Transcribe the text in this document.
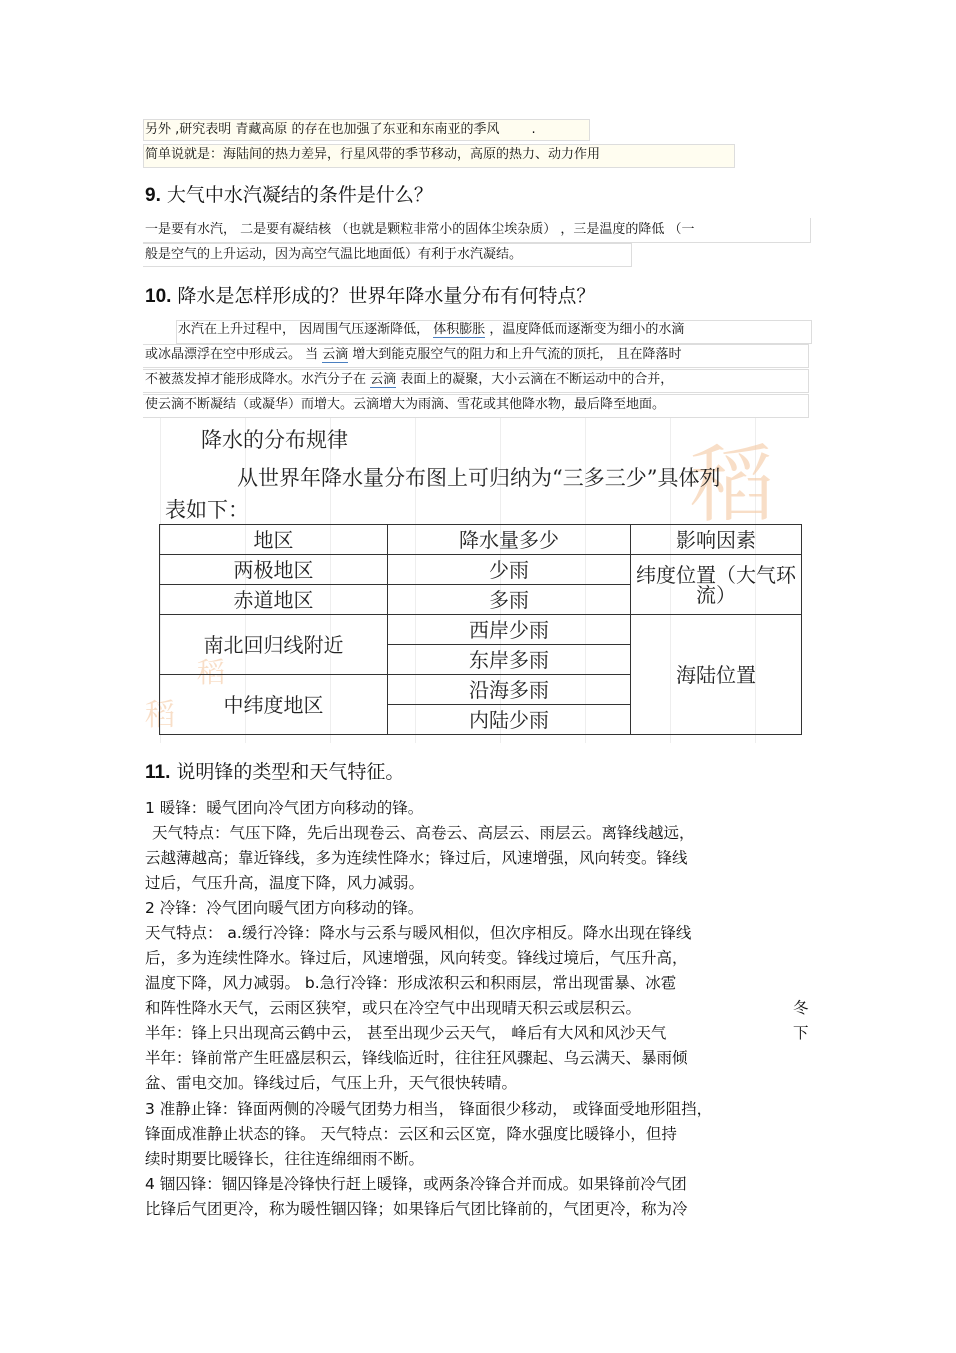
另外 ,研究表明 青藏高原 的存在也加强了东亚和东南亚的季风 .
简单说就是：海陆间的热力差异，行星风带的季节移动，高原的热力、动力作用
9. 大气中水汽凝结的条件是什么？
一是要有水汽， 二是要有凝结核 （也就是颗粒非常小的固体尘埃杂质） ，三是温度的降低 （一
般是空气的上升运动，因为高空气温比地面低）有利于水汽凝结。
10. 降水是怎样形成的？世界年降水量分布有何特点？
水汽在上升过程中， 因周围气压逐渐降低， 体积膨胀 ，温度降低而逐渐变为细小的水滴
或冰晶漂浮在空中形成云。 当 云滴 增大到能克服空气的阻力和上升气流的顶托， 且在降落时
不被蒸发掉才能形成降水。水汽分子在 云滴 表面上的凝聚，大小云滴在不断运动中的合并，
使云滴不断凝结（或凝华）而增大。云滴增大为雨滴、雪花或其他降水物，最后降至地面。
稻
稻
稻
降水的分布规律
从世界年降水量分布图上可归纳为“三多三少”具体列
表如下：
地区	降水量多少	影响因素
两极地区	少雨	纬度位置（大气环流）
赤道地区	多雨	
南北回归线附近	西岸少雨	海陆位置
	东岸多雨	
中纬度地区	沿海多雨	
	内陆少雨	
11. 说明锋的类型和天气特征。
1 暖锋：暖气团向冷气团方向移动的锋。
天气特点：气压下降，先后出现卷云、高卷云、高层云、雨层云。离锋线越远，
云越薄越高；靠近锋线，多为连续性降水；锋过后，风速增强，风向转变。锋线
过后，气压升高，温度下降，风力减弱。
2 冷锋：冷气团向暖气团方向移动的锋。
天气特点： a.缓行冷锋：降水与云系与暖风相似，但次序相反。降水出现在锋线
后，多为连续性降水。锋过后，风速增强，风向转变。锋线过境后，气压升高，
温度下降，风力减弱。 b.急行冷锋：形成浓积云和积雨层，常出现雷暴、冰雹
和阵性降水天气，云雨区狭窄，或只在冷空气中出现晴天积云或层积云。	冬
半年：锋上只出现高云鹤中云， 甚至出现少云天气， 峰后有大风和风沙天气	下
半年：锋前常产生旺盛层积云，锋线临近时，往往狂风骤起、乌云满天、暴雨倾
盆、雷电交加。锋线过后，气压上升，天气很快转晴。
3 准静止锋：锋面两侧的冷暖气团势力相当， 锋面很少移动， 或锋面受地形阻挡，
锋面成准静止状态的锋。 天气特点：云区和云区宽，降水强度比暖锋小，但持
续时期要比暖锋长，往往连绵细雨不断。
4 锢囚锋：锢囚锋是冷锋快行赶上暖锋，或两条冷锋合并而成。如果锋前冷气团
比锋后气团更冷，称为暖性锢囚锋；如果锋后气团比锋前的，气团更冷，称为冷
